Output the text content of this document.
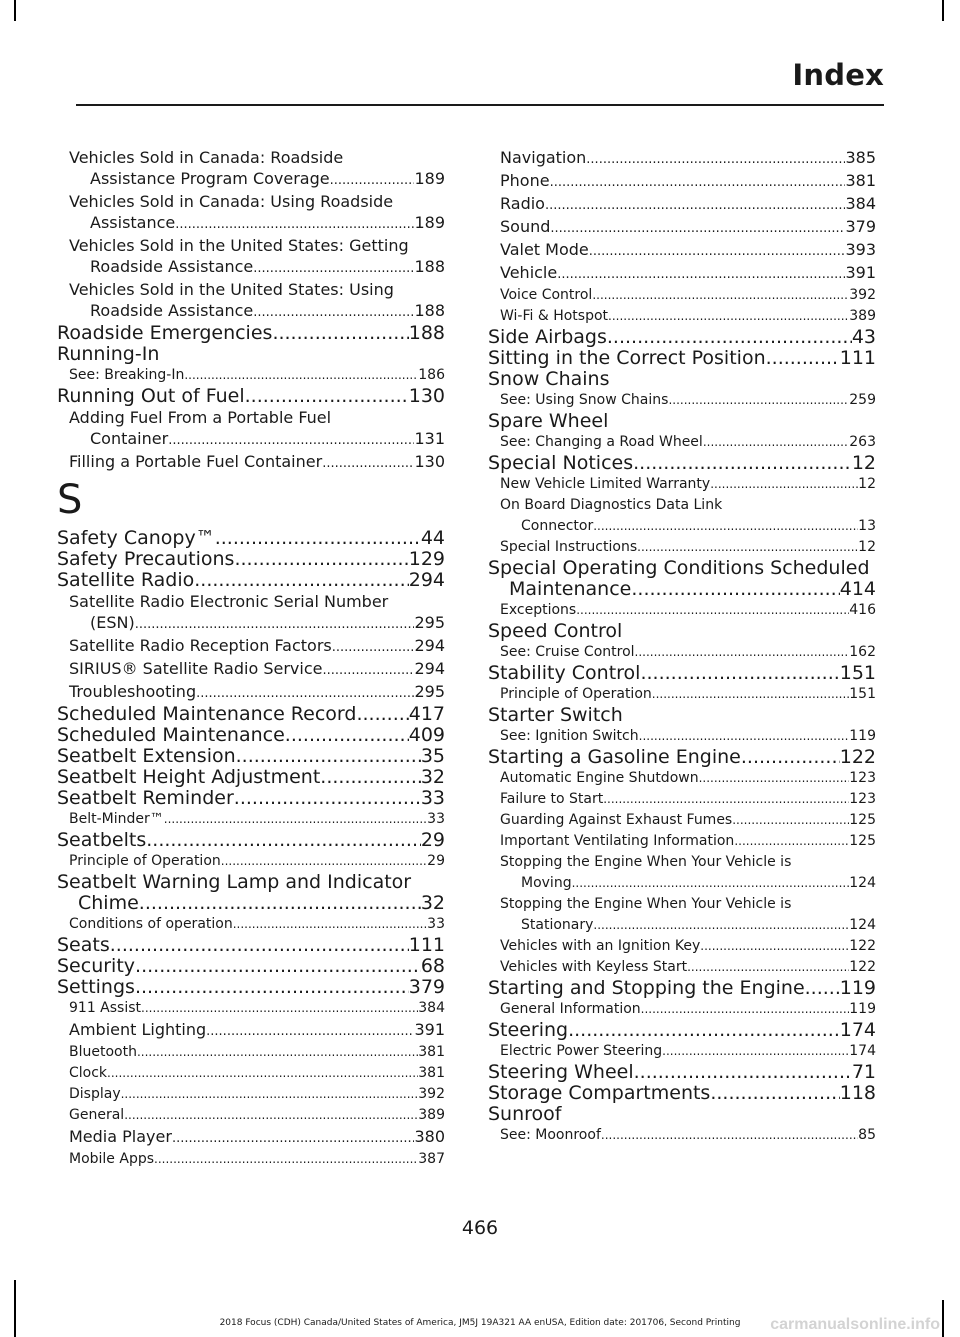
Index
Vehicles Sold in Canada: Roadside
Assistance Program Coverage .....	189
Vehicles Sold in Canada: Using Roadside
Assistance .....	189
Vehicles Sold in the United States: Getting
Roadside Assistance .....	188
Vehicles Sold in the United States: Using
Roadside Assistance .....	188
Roadside Emergencies .....	188
Running-In
See: Breaking-In .....	186
Running Out of Fuel .....	130
Adding Fuel From a Portable Fuel
Container .....	131
Filling a Portable Fuel Container .....	130
S
Safety Canopy™ .....	44
Safety Precautions .....	129
Satellite Radio .....	294
Satellite Radio Electronic Serial Number
(ESN) .....	295
Satellite Radio Reception Factors .....	294
SIRIUS® Satellite Radio Service .....	294
Troubleshooting .....	295
Scheduled Maintenance Record .....	417
Scheduled Maintenance .....	409
Seatbelt Extension .....	35
Seatbelt Height Adjustment .....	32
Seatbelt Reminder .....	33
Belt-Minder™ .....	33
Seatbelts .....	29
Principle of Operation .....	29
Seatbelt Warning Lamp and Indicator
Chime .....	32
Conditions of operation .....	33
Seats .....	111
Security .....	68
Settings .....	379
911 Assist .....	384
Ambient Lighting .....	391
Bluetooth .....	381
Clock .....	381
Display .....	392
General .....	389
Media Player .....	380
Mobile Apps .....	387
Navigation .....	385
Phone .....	381
Radio .....	384
Sound .....	379
Valet Mode .....	393
Vehicle .....	391
Voice Control .....	392
Wi-Fi & Hotspot .....	389
Side Airbags .....	43
Sitting in the Correct Position .....	111
Snow Chains
See: Using Snow Chains .....	259
Spare Wheel
See: Changing a Road Wheel .....	263
Special Notices .....	12
New Vehicle Limited Warranty .....	12
On Board Diagnostics Data Link
Connector .....	13
Special Instructions .....	12
Special Operating Conditions Scheduled
Maintenance .....	414
Exceptions .....	416
Speed Control
See: Cruise Control .....	162
Stability Control .....	151
Principle of Operation .....	151
Starter Switch
See: Ignition Switch .....	119
Starting a Gasoline Engine .....	122
Automatic Engine Shutdown .....	123
Failure to Start .....	123
Guarding Against Exhaust Fumes .....	125
Important Ventilating Information .....	125
Stopping the Engine When Your Vehicle is
Moving .....	124
Stopping the Engine When Your Vehicle is
Stationary .....	124
Vehicles with an Ignition Key .....	122
Vehicles with Keyless Start .....	122
Starting and Stopping the Engine ..... 119
General Information .....	119
Steering .....	174
Electric Power Steering .....	174
Steering Wheel .....	71
Storage Compartments .....	118
Sunroof
See: Moonroof .....	85
466
2018 Focus (CDH) Canada/United States of America, JM5J 19A321 AA enUSA, Edition date: 201706, Second Printing	carmanualsonline.info
